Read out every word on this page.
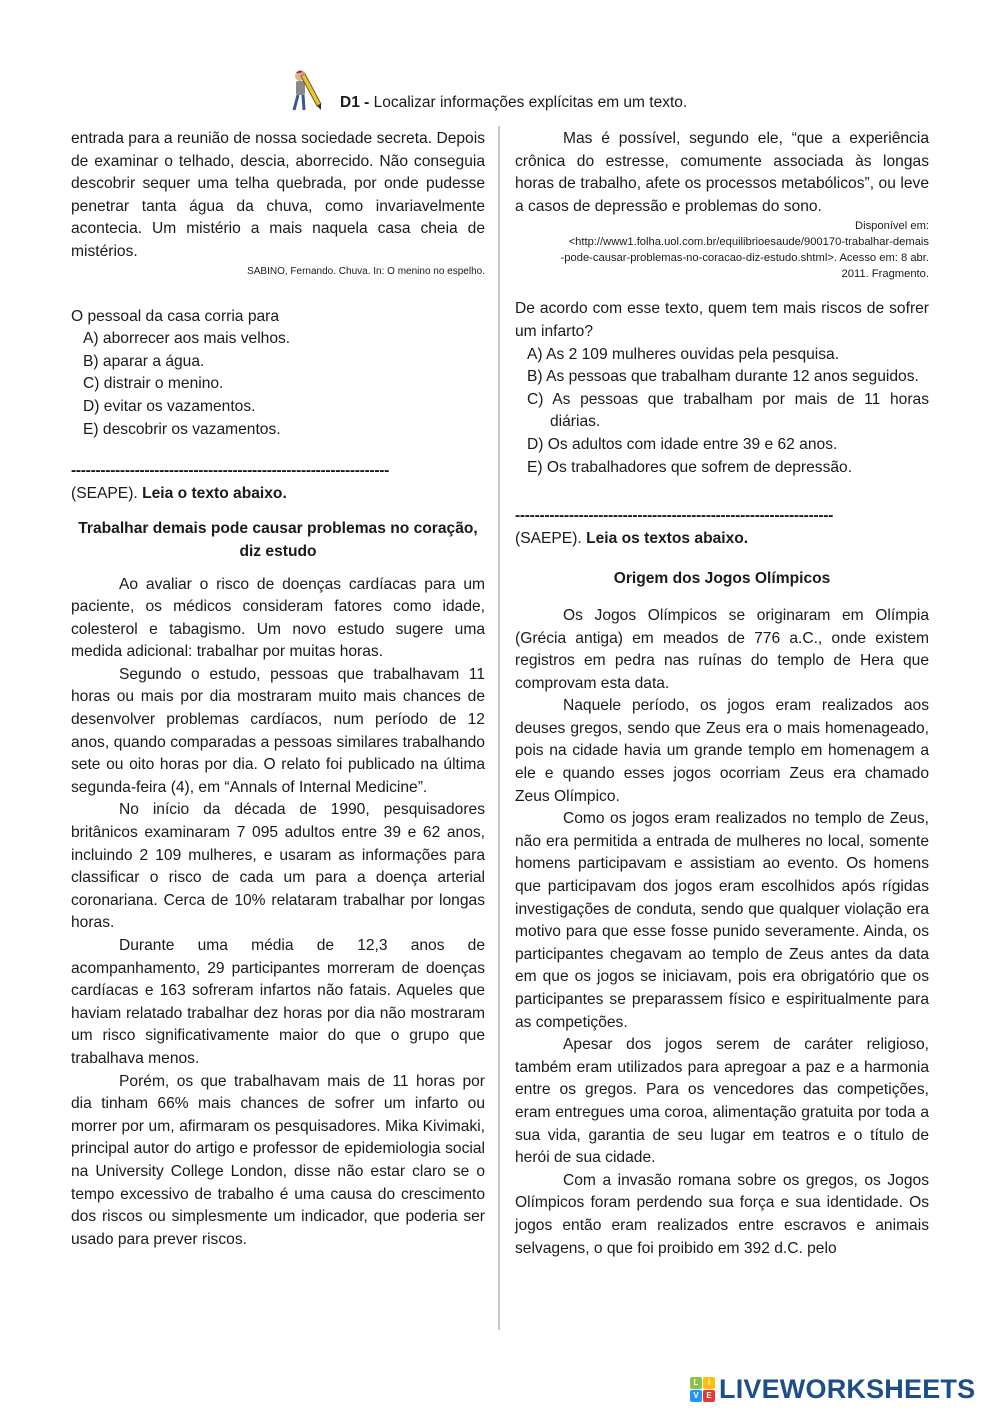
D1 - Localizar informações explícitas em um texto.

entrada para a reunião de nossa sociedade secreta. Depois de examinar o telhado, descia, aborrecido. Não conseguia descobrir sequer uma telha quebrada, por onde pudesse penetrar tanta água da chuva, como invariavelmente acontecia. Um mistério a mais naquela casa cheia de mistérios.

SABINO, Fernando. Chuva. In: O menino no espelho.

O pessoal da casa corria para

A) aborrecer aos mais velhos.
B) aparar a água.
C) distrair o menino.
D) evitar os vazamentos.
E) descobrir os vazamentos.
-----------------------------------------------------------------

(SEAPE). Leia o texto abaixo.

Trabalhar demais pode causar problemas no coração, diz estudo

Ao avaliar o risco de doenças cardíacas para um paciente, os médicos consideram fatores como idade, colesterol e tabagismo. Um novo estudo sugere uma medida adicional: trabalhar por muitas horas.

Segundo o estudo, pessoas que trabalhavam 11 horas ou mais por dia mostraram muito mais chances de desenvolver problemas cardíacos, num período de 12 anos, quando comparadas a pessoas similares trabalhando sete ou oito horas por dia. O relato foi publicado na última segunda-feira (4), em “Annals of Internal Medicine”.

No início da década de 1990, pesquisadores britânicos examinaram 7 095 adultos entre 39 e 62 anos, incluindo 2 109 mulheres, e usaram as informações para classificar o risco de cada um para a doença arterial coronariana. Cerca de 10% relataram trabalhar por longas horas.

Durante uma média de 12,3 anos de acompanhamento, 29 participantes morreram de doenças cardíacas e 163 sofreram infartos não fatais. Aqueles que haviam relatado trabalhar dez horas por dia não mostraram um risco significativamente maior do que o grupo que trabalhava menos.

Porém, os que trabalhavam mais de 11 horas por dia tinham 66% mais chances de sofrer um infarto ou morrer por um, afirmaram os pesquisadores. Mika Kivimaki, principal autor do artigo e professor de epidemiologia social na University College London, disse não estar claro se o tempo excessivo de trabalho é uma causa do crescimento dos riscos ou simplesmente um indicador, que poderia ser usado para prever riscos.

Mas é possível, segundo ele, “que a experiência crônica do estresse, comumente associada às longas horas de trabalho, afete os processos metabólicos”, ou leve a casos de depressão e problemas do sono.

Disponível em:
<http://www1.folha.uol.com.br/equilibrioesaude/900170-trabalhar-demais
-pode-causar-problemas-no-coracao-diz-estudo.shtml>. Acesso em: 8 abr.
2011. Fragmento.

De acordo com esse texto, quem tem mais riscos de sofrer um infarto?

A) As 2 109 mulheres ouvidas pela pesquisa.
B) As pessoas que trabalham durante 12 anos seguidos.
C) As pessoas que trabalham por mais de 11 horas diárias.
D) Os adultos com idade entre 39 e 62 anos.
E) Os trabalhadores que sofrem de depressão.
-----------------------------------------------------------------

(SAEPE). Leia os textos abaixo.

Origem dos Jogos Olímpicos

Os Jogos Olímpicos se originaram em Olímpia (Grécia antiga) em meados de 776 a.C., onde existem registros em pedra nas ruínas do templo de Hera que comprovam esta data.

Naquele período, os jogos eram realizados aos deuses gregos, sendo que Zeus era o mais homenageado, pois na cidade havia um grande templo em homenagem a ele e quando esses jogos ocorriam Zeus era chamado Zeus Olímpico.

Como os jogos eram realizados no templo de Zeus, não era permitida a entrada de mulheres no local, somente homens participavam e assistiam ao evento. Os homens que participavam dos jogos eram escolhidos após rígidas investigações de conduta, sendo que qualquer violação era motivo para que esse fosse punido severamente. Ainda, os participantes chegavam ao templo de Zeus antes da data em que os jogos se iniciavam, pois era obrigatório que os participantes se preparassem físico e espiritualmente para as competições.

Apesar dos jogos serem de caráter religioso, também eram utilizados para apregoar a paz e a harmonia entre os gregos. Para os vencedores das competições, eram entregues uma coroa, alimentação gratuita por toda a sua vida, garantia de seu lugar em teatros e o título de herói de sua cidade.

Com a invasão romana sobre os gregos, os Jogos Olímpicos foram perdendo sua força e sua identidade. Os jogos então eram realizados entre escravos e animais selvagens, o que foi proibido em 392 d.C. pelo

L	I
V E LIVEWORKSHEETS
